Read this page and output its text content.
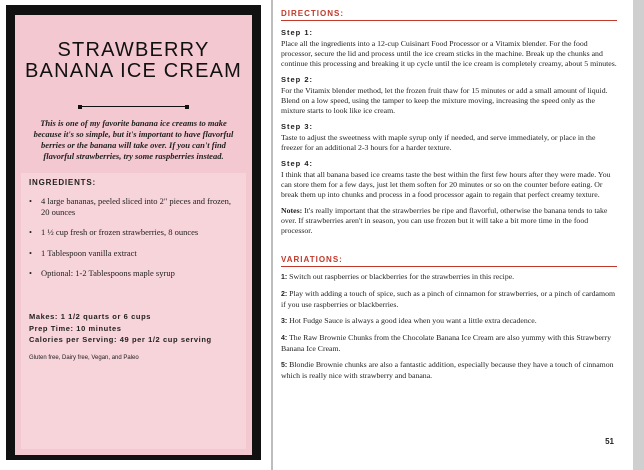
STRAWBERRY BANANA ICE CREAM

This is one of my favorite banana ice creams to make because it's so simple, but it's important to have flavorful berries or the banana will take over. If you can't find flavorful strawberries, try some raspberries instead.

INGREDIENTS:

• 4 large bananas, peeled sliced into 2" pieces and frozen, 20 ounces
• 1 ½ cup fresh or frozen strawberries, 8 ounces
• 1 Tablespoon vanilla extract
• Optional: 1-2 Tablespoons maple syrup
Makes: 1 1/2 quarts or 6 cups
Prep Time: 10 minutes
Calories per Serving: 49 per 1/2 cup serving

Gluten free, Dairy free, Vegan, and Paleo

DIRECTIONS:

Step 1:

Place all the ingredients into a 12-cup Cuisinart Food Processor or a Vitamix blender. For the food processor, secure the lid and process until the ice cream sticks in the machine. Break up the chunks and continue this processing and breaking it up cycle until the ice cream is completely creamy, about 5 minutes.

Step 2:

For the Vitamix blender method, let the frozen fruit thaw for 15 minutes or add a small amount of liquid. Blend on a low speed, using the tamper to keep the mixture moving, increasing the speed only as the mixture starts to look like ice cream.

Step 3:

Taste to adjust the sweetness with maple syrup only if needed, and serve immediately, or place in the freezer for an additional 2-3 hours for a harder texture.

Step 4:

I think that all banana based ice creams taste the best within the first few hours after they were made. You can store them for a few days, just let them soften for 20 minutes or so on the counter before eating. Or break them up into chunks and process in a food processor again to regain that perfect creamy texture.

Notes: It's really important that the strawberries be ripe and flavorful, otherwise the banana tends to take over. If strawberries aren't in season, you can use frozen but it will take a bit more time in the food processor.

VARIATIONS:

1: Switch out raspberries or blackberries for the strawberries in this recipe.

2: Play with adding a touch of spice, such as a pinch of cinnamon for strawberries, or a pinch of cardamom if you use raspberries or blackberries.

3: Hot Fudge Sauce is always a good idea when you want a little extra decadence.

4: The Raw Brownie Chunks from the Chocolate Banana Ice Cream are also yummy with this Strawberry Banana Ice Cream.

5: Blondie Brownie chunks are also a fantastic addition, especially because they have a touch of cinnamon which is really nice with strawberry and banana.

51
